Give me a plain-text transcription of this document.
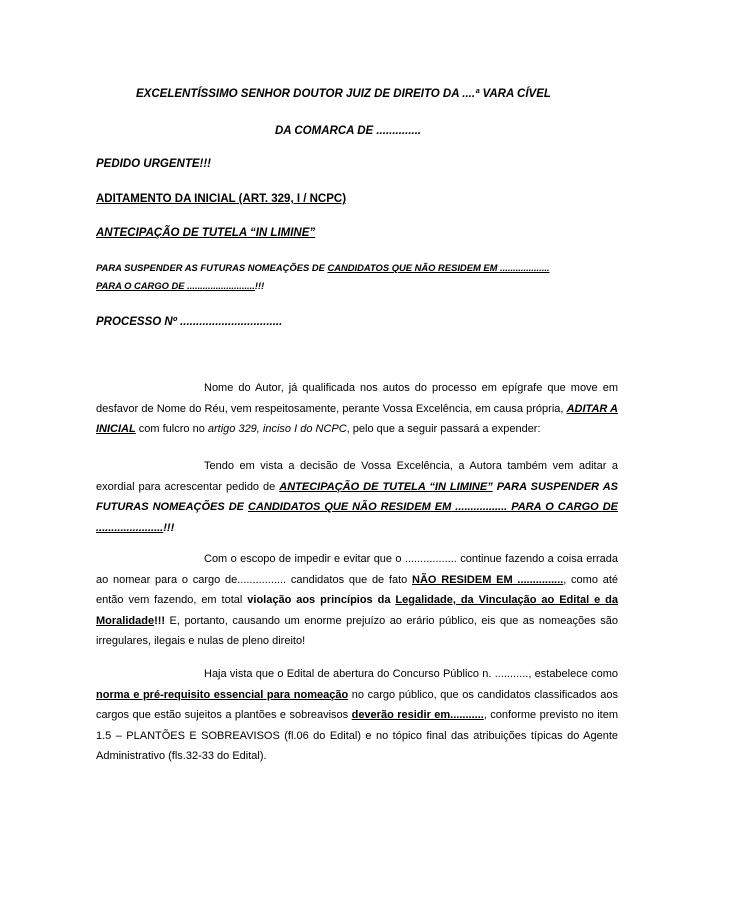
EXCELENTÍSSIMO SENHOR DOUTOR JUIZ DE DIREITO DA ....ª VARA CÍVEL
DA COMARCA DE ..............
PEDIDO URGENTE!!!
ADITAMENTO DA INICIAL (ART. 329, I / NCPC)
ANTECIPAÇÃO DE TUTELA “IN LIMINE”
PARA SUSPENDER AS FUTURAS NOMEAÇÕES DE CANDIDATOS QUE NÃO RESIDEM EM ...................
PARA O CARGO DE ..........................!!!
PROCESSO Nº ................................
Nome do Autor, já qualificada nos autos do processo em epígrafe que move em desfavor de Nome do Réu, vem respeitosamente, perante Vossa Excelência, em causa própria, ADITAR A INICIAL com fulcro no artigo 329, inciso I do NCPC, pelo que a seguir passará a expender:
Tendo em vista a decisão de Vossa Excelência, a Autora também vem aditar a exordial para acrescentar pedido de ANTECIPAÇÃO DE TUTELA “IN LIMINE” PARA SUSPENDER AS FUTURAS NOMEAÇÕES DE CANDIDATOS QUE NÃO RESIDEM EM ................. PARA O CARGO DE ......................!!!
Com o escopo de impedir e evitar que o ................. continue fazendo a coisa errada ao nomear para o cargo de................ candidatos que de fato NÃO RESIDEM EM ..............., como até então vem fazendo, em total violação aos princípios da Legalidade, da Vinculação ao Edital e da Moralidade!!! E, portanto, causando um enorme prejuízo ao erário público, eis que as nomeações são irregulares, ilegais e nulas de pleno direito!
Haja vista que o Edital de abertura do Concurso Público n. ..........., estabelece como norma e pré-requisito essencial para nomeação no cargo público, que os candidatos classificados aos cargos que estão sujeitos a plantões e sobreavisos deverão residir em..........., conforme previsto no item 1.5 – PLANTÕES E SOBREAVISOS (fl.06 do Edital) e no tópico final das atribuições típicas do Agente Administrativo (fls.32-33 do Edital).
